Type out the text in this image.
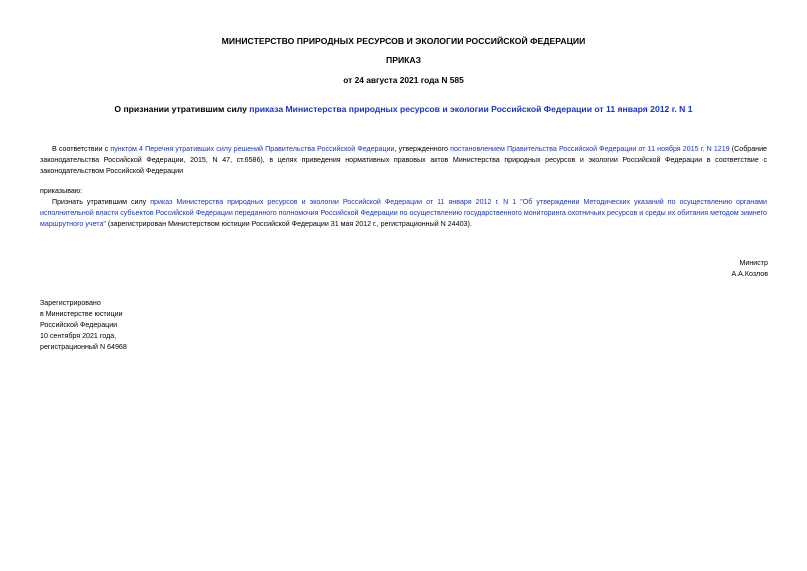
МИНИСТЕРСТВО ПРИРОДНЫХ РЕСУРСОВ И ЭКОЛОГИИ РОССИЙСКОЙ ФЕДЕРАЦИИ
ПРИКАЗ
от 24 августа 2021 года N 585
О признании утратившим силу приказа Министерства природных ресурсов и экологии Российской Федерации от 11 января 2012 г. N 1
В соответствии с пунктом 4 Перечня утративших силу решений Правительства Российской Федерации, утвержденного постановлением Правительства Российской Федерации от 11 ноября 2015 г. N 1219 (Собрание законодательства Российской Федерации, 2015, N 47, ст.6586), в целях приведения нормативных правовых актов Министерства природных ресурсов и экологии Российской Федерации в соответствие с законодательством Российской Федерации
приказываю:
Признать утратившим силу приказ Министерства природных ресурсов и экологии Российской Федерации от 11 января 2012 г. N 1 "Об утверждении Методических указаний по осуществлению органами исполнительной власти субъектов Российской Федерации переданного полномочия Российской Федерации по осуществлению государственного мониторинга охотничьих ресурсов и среды их обитания методом зимнего маршрутного учета" (зарегистрирован Министерством юстиции Российской Федерации 31 мая 2012 г., регистрационный N 24403).
Министр
А.А.Козлов
Зарегистрировано
в Министерстве юстиции
Российской Федерации
10 сентября 2021 года,
регистрационный N 64968
